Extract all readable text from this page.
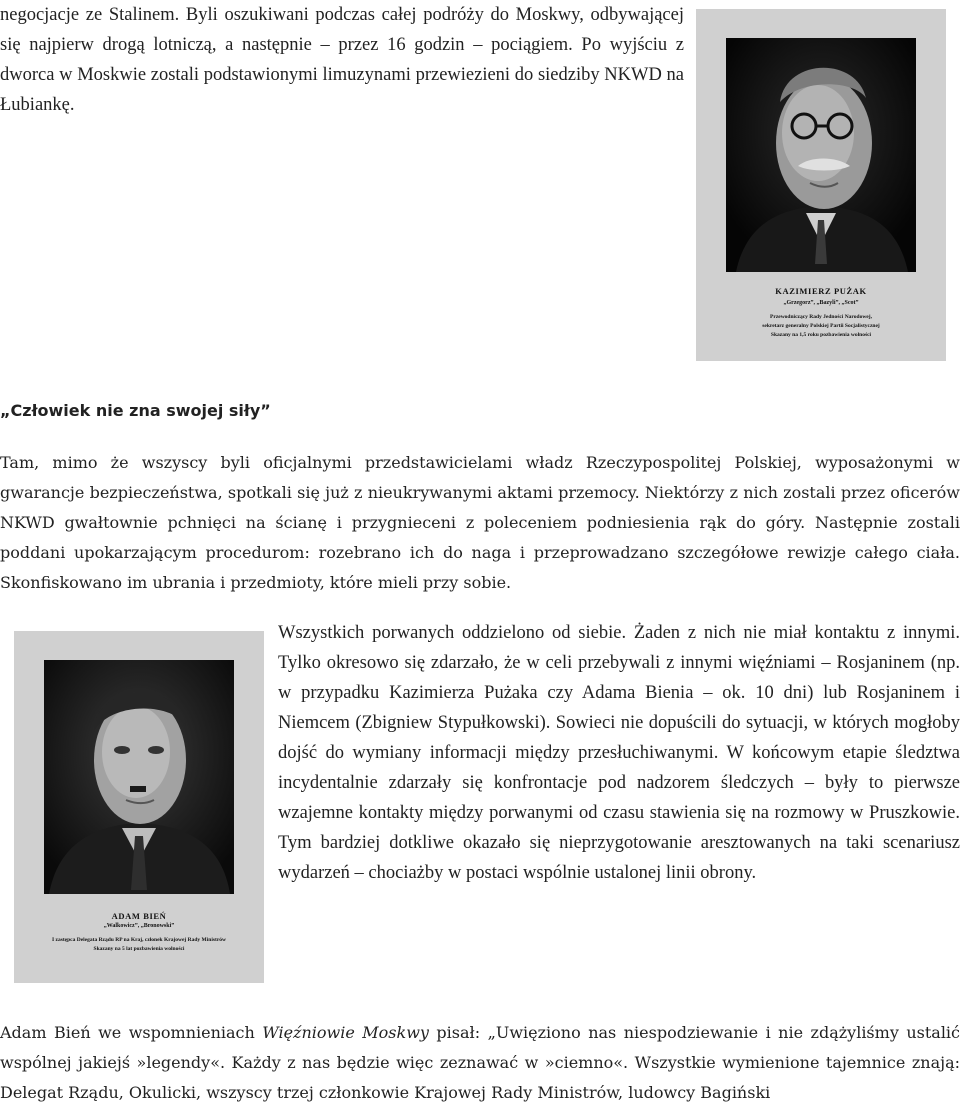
negocjacje ze Stalinem. Byli oszukiwani podczas całej podróży do Moskwy, odbywającej się najpierw drogą lotniczą, a następnie – przez 16 godzin – pociągiem. Po wyjściu z dworca w Moskwie zostali podstawionymi limuzynami przewiezieni do siedziby NKWD na Łubiankę.

KAZIMIERZ PUŻAK
„Grzegorz”, „Bazyli”, „Scot”
Przewodniczący Rady Jedności Narodowej,
sekretarz generalny Polskiej Partii Socjalistycznej
Skazany na 1,5 roku pozbawienia wolności
„Człowiek nie zna swojej siły”

Tam, mimo że wszyscy byli oficjalnymi przedstawicielami władz Rzeczypospolitej Polskiej, wyposażonymi w gwarancje bezpieczeństwa, spotkali się już z nieukrywanymi aktami przemocy. Niektórzy z nich zostali przez oficerów NKWD gwałtownie pchnięci na ścianę i przygnieceni z poleceniem podniesienia rąk do góry. Następnie zostali poddani upokarzającym procedurom: rozebrano ich do naga i przeprowadzano szczegółowe rewizje całego ciała. Skonfiskowano im ubrania i przedmioty, które mieli przy sobie.

ADAM BIEŃ
„Walkowicz”, „Bronowski”
I zastępca Delegata Rządu RP na Kraj, członek Krajowej Rady Ministrów
Skazany na 5 lat pozbawienia wolności

Wszystkich porwanych oddzielono od siebie. Żaden z nich nie miał kontaktu z innymi. Tylko okresowo się zdarzało, że w celi przebywali z innymi więźniami – Rosjaninem (np. w przypadku Kazimierza Pużaka czy Adama Bienia – ok. 10 dni) lub Rosjaninem i Niemcem (Zbigniew Stypułkowski). Sowieci nie dopuścili do sytuacji, w których mogłoby dojść do wymiany informacji między przesłuchiwanymi. W końcowym etapie śledztwa incydentalnie zdarzały się konfrontacje pod nadzorem śledczych – były to pierwsze wzajemne kontakty między porwanymi od czasu stawienia się na rozmowy w Pruszkowie. Tym bardziej dotkliwe okazało się nieprzygotowanie aresztowanych na taki scenariusz wydarzeń – chociażby w postaci wspólnie ustalonej linii obrony.

Adam Bień we wspomnieniach Więźniowie Moskwy pisał: „Uwięziono nas niespodziewanie i nie zdążyliśmy ustalić wspólnej jakiejś »legendy«. Każdy z nas będzie więc zeznawać w »ciemno«. Wszystkie wymienione tajemnice znają: Delegat Rządu, Okulicki, wszyscy trzej członkowie Krajowej Rady Ministrów, ludowcy Bagiński
